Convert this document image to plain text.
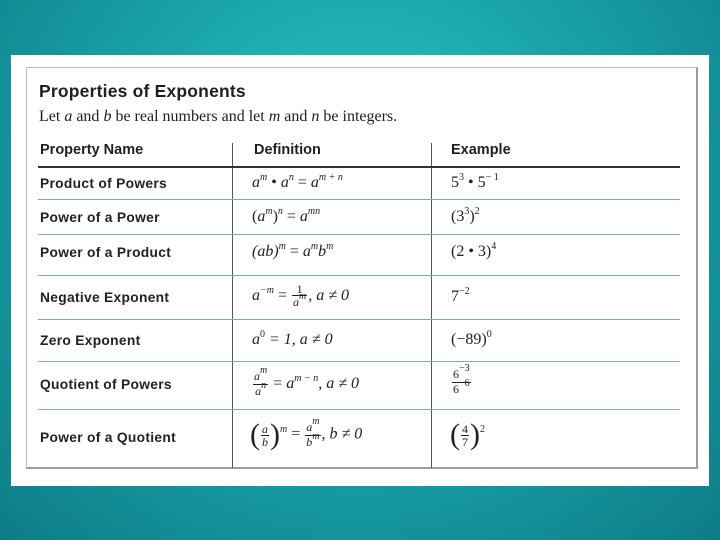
Properties of Exponents
Let a and b be real numbers and let m and n be integers.
Property Name	Definition	Example
Product of Powers
Power of a Power
Power of a Product
Negative Exponent
Zero Exponent
Quotient of Powers
Power of a Quotient
$a^m$ • $a^n = a^{m + n}$
$(a^m)^n = a^{mn}$
$(ab)^m = a^mb^m$
$a^{-m} = \frac{1}{a^m}$ , a ≠ 0
$a^0 = 1$, a ≠ 0
$\frac{a^m}{a^n} = a^{m - n}$, a ≠ 0
( $\frac{a}{b} )^m = \frac{a^m}{b^m}$ , b ≠ 0
$5^3$ • $5^{- 1}$
$(3^3)^2$
(2 • 3)$^4$
$7^{-2}$
$(-89)^0$
$\frac{6^{-3}}{6^{-6}}$
( $\frac{4}{7} )^2$
